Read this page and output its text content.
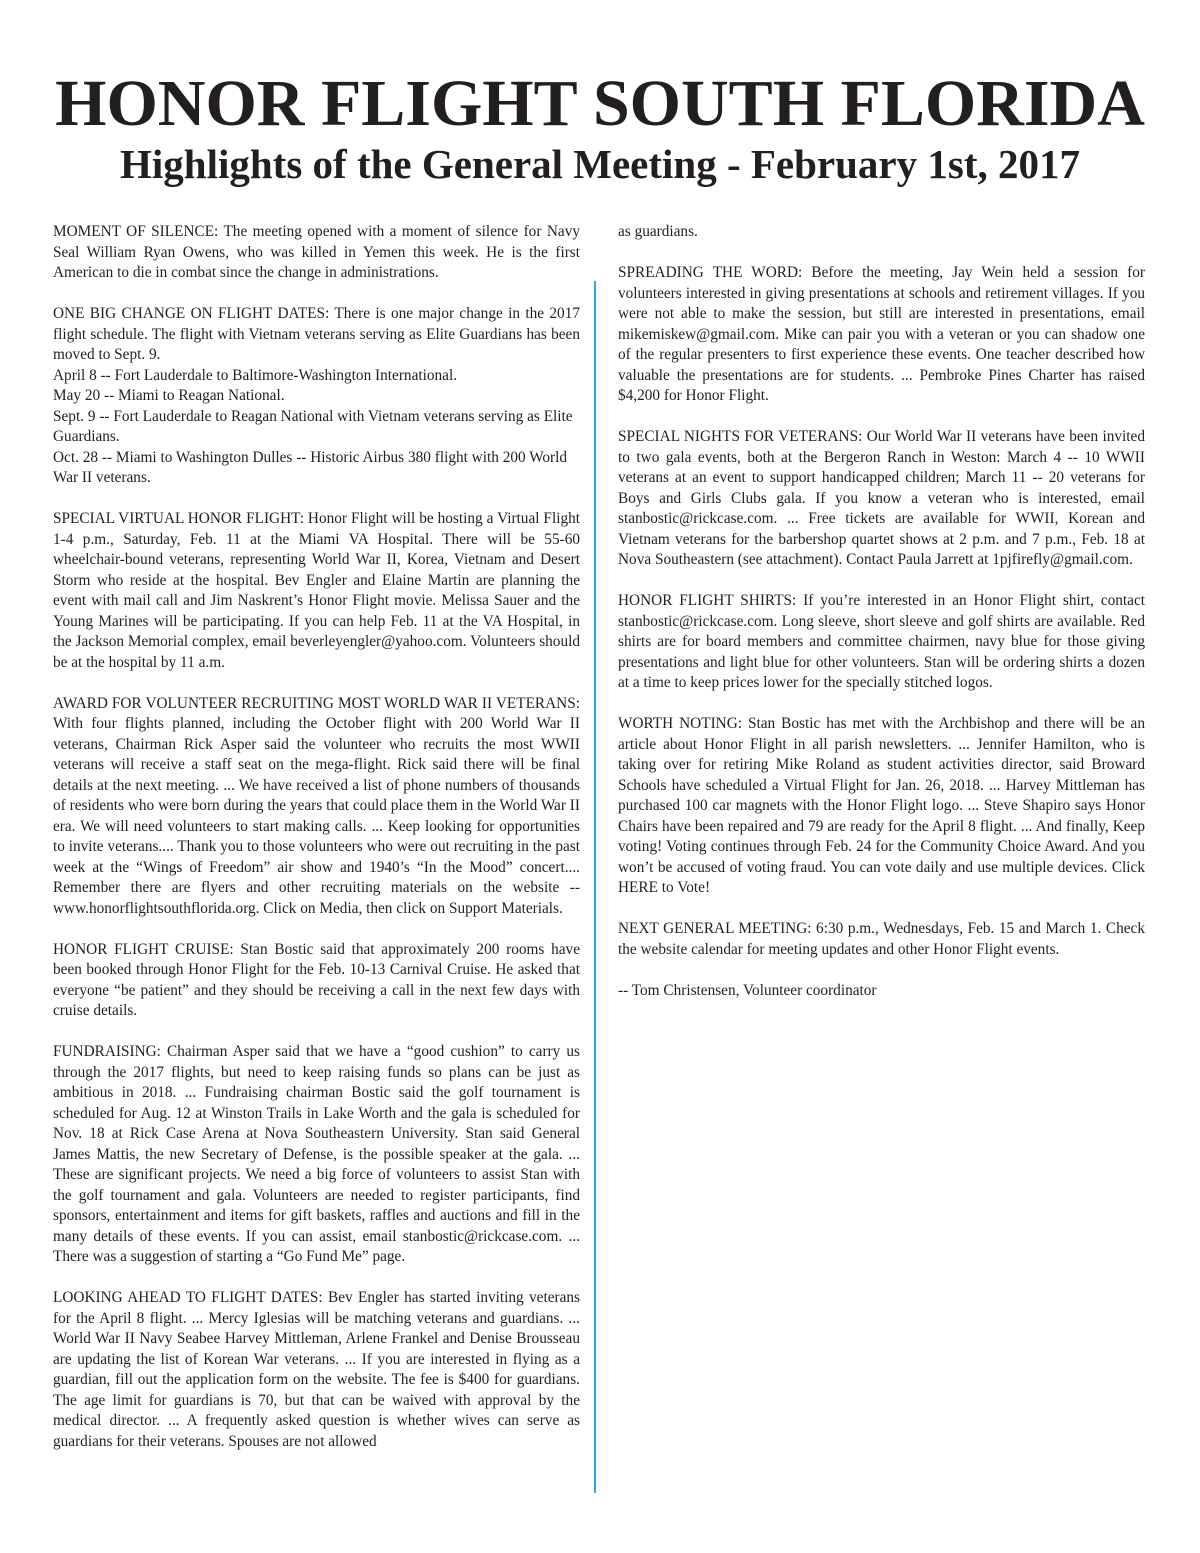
HONOR FLIGHT SOUTH FLORIDA
Highlights of the General Meeting - February 1st, 2017

MOMENT OF SILENCE: The meeting opened with a moment of silence for Navy Seal William Ryan Owens, who was killed in Yemen this week. He is the first American to die in combat since the change in administrations.

ONE BIG CHANGE ON FLIGHT DATES: There is one major change in the 2017 flight schedule. The flight with Vietnam veterans serving as Elite Guardians has been moved to Sept. 9.

April 8 -- Fort Lauderdale to Baltimore-Washington International.
May 20 -- Miami to Reagan National.
Sept. 9 -- Fort Lauderdale to Reagan National with Vietnam veterans serving as Elite Guardians.
Oct. 28 -- Miami to Washington Dulles -- Historic Airbus 380 flight with 200 World War II veterans.

SPECIAL VIRTUAL HONOR FLIGHT: Honor Flight will be hosting a Virtual Flight 1-4 p.m., Saturday, Feb. 11 at the Miami VA Hospital. There will be 55-60 wheelchair-bound veterans, representing World War II, Korea, Vietnam and Desert Storm who reside at the hospital. Bev Engler and Elaine Martin are planning the event with mail call and Jim Naskrent’s Honor Flight movie. Melissa Sauer and the Young Marines will be participating. If you can help Feb. 11 at the VA Hospital, in the Jackson Memorial complex, email beverleyengler@yahoo.com. Volunteers should be at the hospital by 11 a.m.

AWARD FOR VOLUNTEER RECRUITING MOST WORLD WAR II VETERANS: With four flights planned, including the October flight with 200 World War II veterans, Chairman Rick Asper said the volunteer who recruits the most WWII veterans will receive a staff seat on the mega-flight. Rick said there will be final details at the next meeting. ... We have received a list of phone numbers of thousands of residents who were born during the years that could place them in the World War II era. We will need volunteers to start making calls. ... Keep looking for opportunities to invite veterans.... Thank you to those volunteers who were out recruiting in the past week at the “Wings of Freedom” air show and 1940’s “In the Mood” concert.... Remember there are flyers and other recruiting materials on the website -- www.honorflightsouthflorida.org. Click on Media, then click on Support Materials.

HONOR FLIGHT CRUISE: Stan Bostic said that approximately 200 rooms have been booked through Honor Flight for the Feb. 10-13 Carnival Cruise. He asked that everyone “be patient” and they should be receiving a call in the next few days with cruise details.

FUNDRAISING: Chairman Asper said that we have a “good cushion” to carry us through the 2017 flights, but need to keep raising funds so plans can be just as ambitious in 2018. ... Fundraising chairman Bostic said the golf tournament is scheduled for Aug. 12 at Winston Trails in Lake Worth and the gala is scheduled for Nov. 18 at Rick Case Arena at Nova Southeastern University. Stan said General James Mattis, the new Secretary of Defense, is the possible speaker at the gala. ... These are significant projects. We need a big force of volunteers to assist Stan with the golf tournament and gala. Volunteers are needed to register participants, find sponsors, entertainment and items for gift baskets, raffles and auctions and fill in the many details of these events. If you can assist, email stanbostic@rickcase.com. ... There was a suggestion of starting a “Go Fund Me” page.

LOOKING AHEAD TO FLIGHT DATES: Bev Engler has started inviting veterans for the April 8 flight. ... Mercy Iglesias will be matching veterans and guardians. ... World War II Navy Seabee Harvey Mittleman, Arlene Frankel and Denise Brousseau are updating the list of Korean War veterans. ... If you are interested in flying as a guardian, fill out the application form on the website. The fee is $400 for guardians. The age limit for guardians is 70, but that can be waived with approval by the medical director. ... A frequently asked question is whether wives can serve as guardians for their veterans. Spouses are not allowed

as guardians.

SPREADING THE WORD: Before the meeting, Jay Wein held a session for volunteers interested in giving presentations at schools and retirement villages. If you were not able to make the session, but still are interested in presentations, email mikemiskew@gmail.com. Mike can pair you with a veteran or you can shadow one of the regular presenters to first experience these events. One teacher described how valuable the presentations are for students. ... Pembroke Pines Charter has raised $4,200 for Honor Flight.

SPECIAL NIGHTS FOR VETERANS: Our World War II veterans have been invited to two gala events, both at the Bergeron Ranch in Weston: March 4 -- 10 WWII veterans at an event to support handicapped children; March 11 -- 20 veterans for Boys and Girls Clubs gala. If you know a veteran who is interested, email stanbostic@rickcase.com. ... Free tickets are available for WWII, Korean and Vietnam veterans for the barbershop quartet shows at 2 p.m. and 7 p.m., Feb. 18 at Nova Southeastern (see attachment). Contact Paula Jarrett at 1pjfirefly@gmail.com.

HONOR FLIGHT SHIRTS: If you’re interested in an Honor Flight shirt, contact stanbostic@rickcase.com. Long sleeve, short sleeve and golf shirts are available. Red shirts are for board members and committee chairmen, navy blue for those giving presentations and light blue for other volunteers. Stan will be ordering shirts a dozen at a time to keep prices lower for the specially stitched logos.

WORTH NOTING: Stan Bostic has met with the Archbishop and there will be an article about Honor Flight in all parish newsletters. ... Jennifer Hamilton, who is taking over for retiring Mike Roland as student activities director, said Broward Schools have scheduled a Virtual Flight for Jan. 26, 2018. ... Harvey Mittleman has purchased 100 car magnets with the Honor Flight logo. ... Steve Shapiro says Honor Chairs have been repaired and 79 are ready for the April 8 flight. ... And finally, Keep voting! Voting continues through Feb. 24 for the Community Choice Award. And you won’t be accused of voting fraud. You can vote daily and use multiple devices. Click HERE to Vote!

NEXT GENERAL MEETING: 6:30 p.m., Wednesdays, Feb. 15 and March 1. Check the website calendar for meeting updates and other Honor Flight events.

-- Tom Christensen, Volunteer coordinator
